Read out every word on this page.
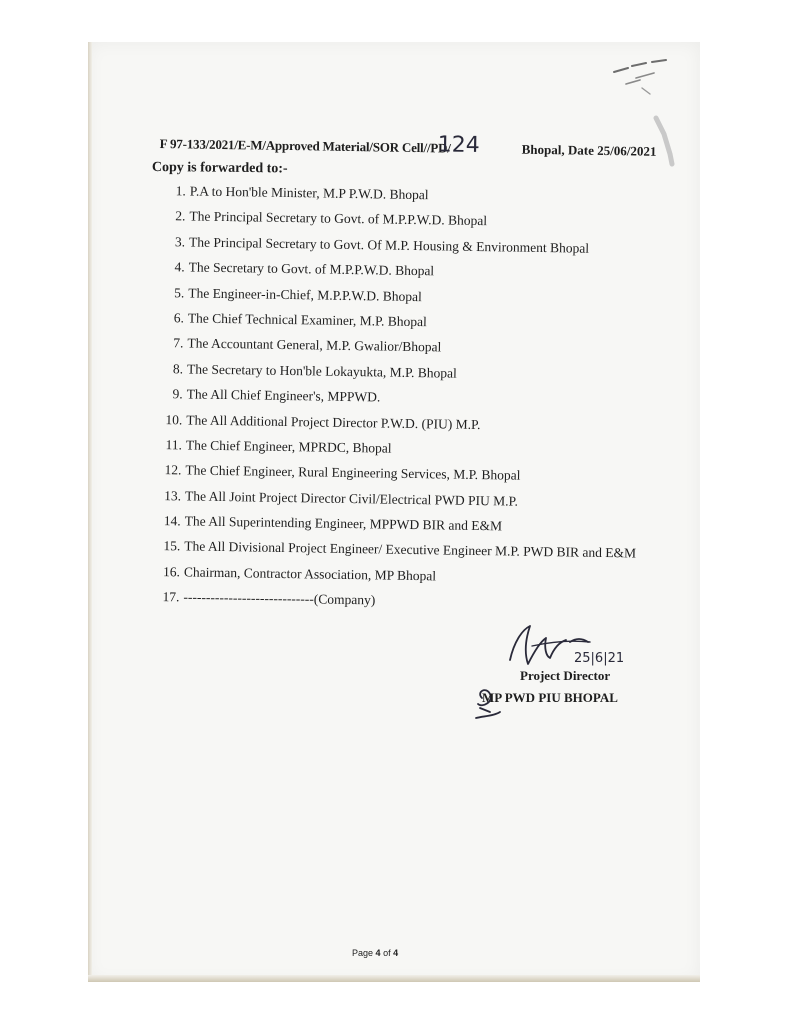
F 97-133/2021/E-M/Approved Material/SOR Cell//PD/
124	Bhopal, Date 25/06/2021
Copy is forwarded to:-
1. P.A to Hon'ble Minister, M.P P.W.D. Bhopal
2. The Principal Secretary to Govt. of M.P.P.W.D. Bhopal
3. The Principal Secretary to Govt. Of M.P. Housing & Environment Bhopal
4. The Secretary to Govt. of M.P.P.W.D. Bhopal
5. The Engineer-in-Chief, M.P.P.W.D. Bhopal
6. The Chief Technical Examiner, M.P. Bhopal
7. The Accountant General, M.P. Gwalior/Bhopal
8. The Secretary to Hon'ble Lokayukta, M.P. Bhopal
9. The All Chief Engineer's, MPPWD.
10. The All Additional Project Director P.W.D. (PIU) M.P.
11. The Chief Engineer, MPRDC, Bhopal
12. The Chief Engineer, Rural Engineering Services, M.P. Bhopal
13. The All Joint Project Director Civil/Electrical PWD PIU M.P.
14. The All Superintending Engineer, MPPWD BIR and E&M
15. The All Divisional Project Engineer/ Executive Engineer M.P. PWD BIR and E&M
16. Chairman, Contractor Association, MP Bhopal
17. -----------------------------(Company)
25|6|21
Project Director
MP PWD PIU BHOPAL
Page 4 of 4
